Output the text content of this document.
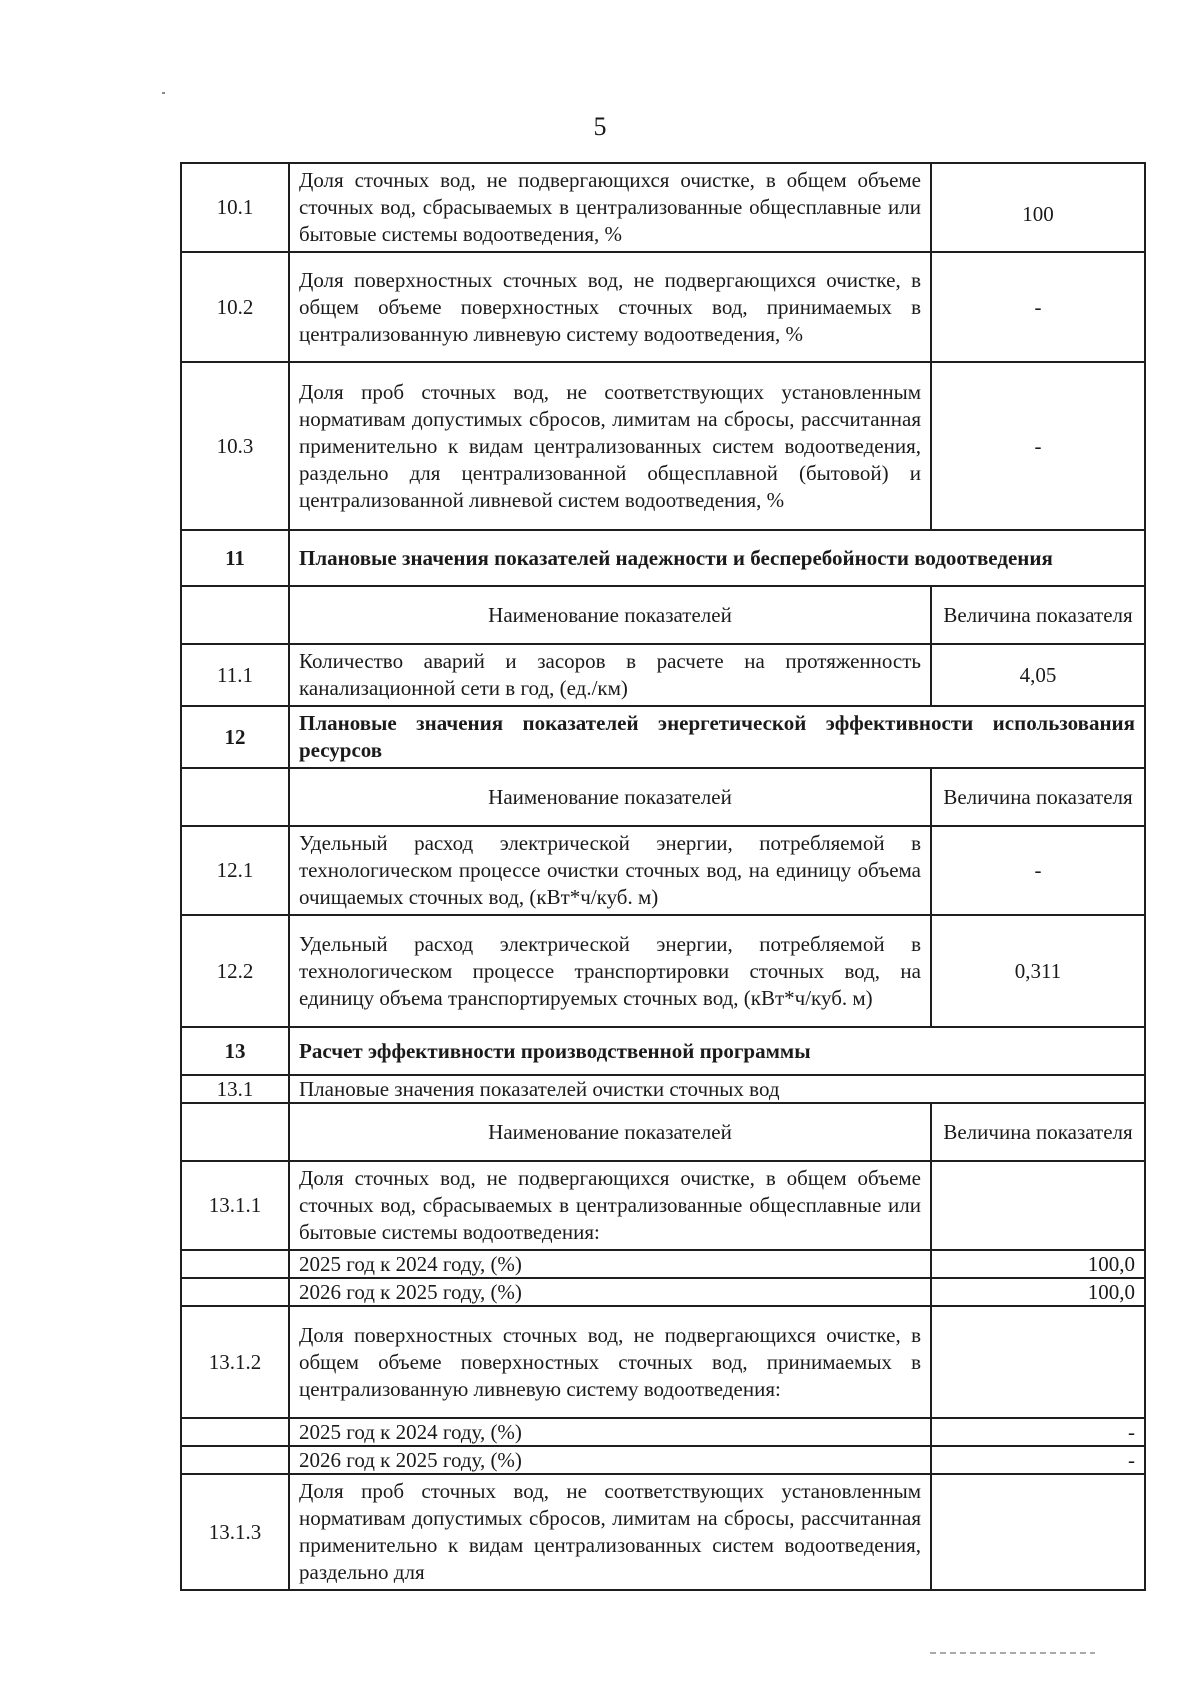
5
10.1	Доля сточных вод, не подвергающихся очистке, в общем объеме сточных вод, сбрасываемых в централизованные общесплавные или бытовые системы водоотведения, %	100
10.2	Доля поверхностных сточных вод, не подвергающихся очистке, в общем объеме поверхностных сточных вод, принимаемых в централизованную ливневую систему водоотведения, %	-
10.3	Доля проб сточных вод, не соответствующих установленным нормативам допустимых сбросов, лимитам на сбросы, рассчитанная применительно к видам централизованных систем водоотведения, раздельно для централизованной общесплавной (бытовой) и централизованной ливневой систем водоотведения, %	-
11	Плановые значения показателей надежности и бесперебойности водоотведения	
	Наименование показателей	Величина показателя
11.1	Количество аварий и засоров в расчете на протяженность канализационной сети в год, (ед./км)	4,05
12	Плановые значения показателей энергетической эффективности использования ресурсов	
	Наименование показателей	Величина показателя
12.1	Удельный расход электрической энергии, потребляемой в технологическом процессе очистки сточных вод, на единицу объема очищаемых сточных вод, (кВт*ч/куб. м)	-
12.2	Удельный расход электрической энергии, потребляемой в технологическом процессе транспортировки сточных вод, на единицу объема транспортируемых сточных вод, (кВт*ч/куб. м)	0,311
13	Расчет эффективности производственной программы	
13.1	Плановые значения показателей очистки сточных вод	
	Наименование показателей	Величина показателя
13.1.1	Доля сточных вод, не подвергающихся очистке, в общем объеме сточных вод, сбрасываемых в централизованные общесплавные или бытовые системы водоотведения:	
	2025 год к 2024 году, (%)	100,0
	2026 год к 2025 году, (%)	100,0
13.1.2	Доля поверхностных сточных вод, не подвергающихся очистке, в общем объеме поверхностных сточных вод, принимаемых в централизованную ливневую систему водоотведения:	
	2025 год к 2024 году, (%)	-
	2026 год к 2025 году, (%)	-
13.1.3	Доля проб сточных вод, не соответствующих установленным нормативам допустимых сбросов, лимитам на сбросы, рассчитанная применительно к видам централизованных систем водоотведения, раздельно для	
